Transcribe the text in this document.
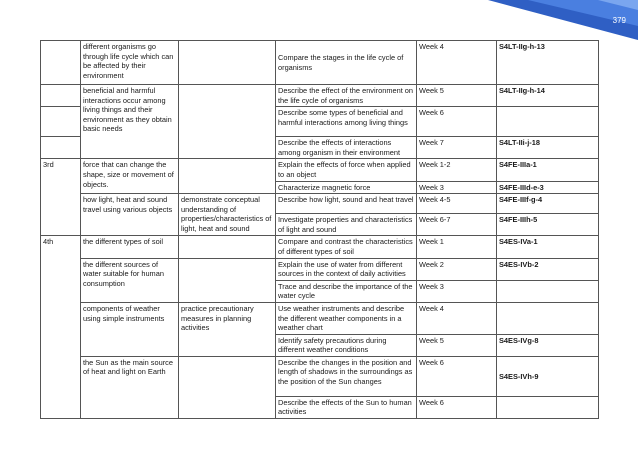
379
	different organisms go through life cycle which can be affected by their environment		Compare the stages in the life cycle of organisms	Week 4	S4LT-IIg-h-13
	beneficial and harmful interactions occur among living things and their environment as they obtain basic needs		Describe the effect of the environment on the life cycle of organisms	Week 5	S4LT-IIg-h-14
			Describe some types of beneficial and harmful interactions among living things	Week 6	
			Describe the effects of interactions among organism in their environment	Week 7	S4LT-IIi-j-18
3rd	force that can change the shape, size or movement of objects.		Explain the effects of force when applied to an object	Week 1-2	S4FE-IIIa-1
			Characterize magnetic force	Week 3	S4FE-IIId-e-3
	how light, heat and sound travel using various objects	demonstrate conceptual understanding of properties/characteristics of light, heat and sound	Describe how light, sound and heat travel	Week 4-5	S4FE-IIIf-g-4
			Investigate properties and characteristics of light and sound	Week 6-7	S4FE-IIIh-5
4th	the different types of soil		Compare and contrast the characteristics of different types of soil	Week 1	S4ES-IVa-1
	the different sources of water suitable for human consumption		Explain the use of water from different sources in the context of daily activities	Week 2	S4ES-IVb-2
			Trace and describe the importance of the water cycle	Week 3	
	components of weather using simple instruments	practice precautionary measures in planning activities	Use weather instruments and describe the different weather components in a weather chart	Week 4	
			Identify safety precautions during different weather conditions	Week 5	S4ES-IVg-8
	the Sun as the main source of heat and light on Earth		Describe the changes in the position and length of shadows in the surroundings as the position of the Sun changes	Week 6	S4ES-IVh-9
			Describe the effects of the Sun to human activities	Week 6	
